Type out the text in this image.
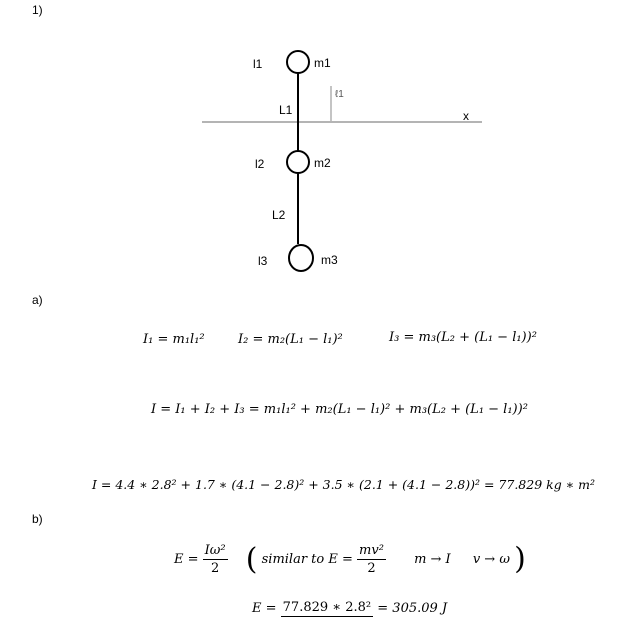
1)
a)
b)
l1	m1
ℓ1
L1	x
l2	m2
L2
l3	m3
I₁ = m₁l₁²	I₂ = m₂(L₁ − l₁)²	I₃ = m₃(L₂ + (L₁ − l₁))²
I = I₁ + I₂ + I₃ = m₁l₁² + m₂(L₁ − l₁)² + m₃(L₂ + (L₁ − l₁))²
I = 4.4 ∗ 2.8² + 1.7 ∗ (4.1 − 2.8)² + 3.5 ∗ (2.1 + (4.1 − 2.8))² = 77.829 kg ∗ m²
$E = \frac{\text{Iω²}}{2}$ ( similar to $E = \frac{\text{mv²}}{2}$ m → I v → ω )
E = 77.829 ∗ 2.8² = 305.09 J
